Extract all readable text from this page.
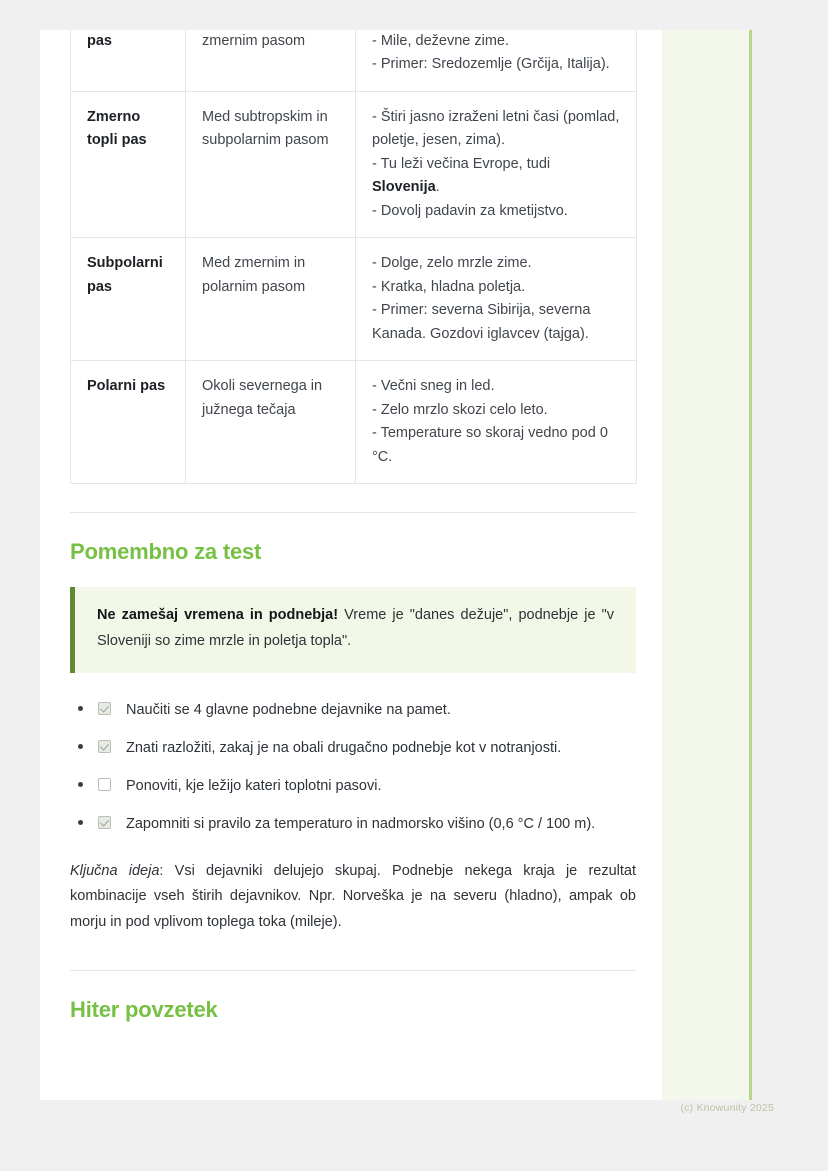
pas	zmernim pasom	- Mile, deževne zime.
- Primer: Sredozemlje (Grčija, Italija).

Zmerno topli pas	Med subtropskim in subpolarnim pasom	- Štiri jasno izraženi letni časi (pomlad, poletje, jesen, zima).
- Tu leži večina Evrope, tudi Slovenija.
- Dovolj padavin za kmetijstvo.

Subpolarni pas	Med zmernim in polarnim pasom	- Dolge, zelo mrzle zime.
- Kratka, hladna poletja.
- Primer: severna Sibirija, severna Kanada. Gozdovi iglavcev (tajga).

Polarni pas	Okoli severnega in južnega tečaja	- Večni sneg in led.
- Zelo mrzlo skozi celo leto.
- Temperature so skoraj vedno pod 0 °C.
Pomembno za test

Ne zamešaj vremena in podnebja! Vreme je "danes dežuje", podnebje je "v Sloveniji so zime mrzle in poletja topla".

Naučiti se 4 glavne podnebne dejavnike na pamet.
Znati razložiti, zakaj je na obali drugačno podnebje kot v notranjosti.
Ponoviti, kje ležijo kateri toplotni pasovi.
Zapomniti si pravilo za temperaturo in nadmorsko višino (0,6 °C / 100 m).

Ključna ideja: Vsi dejavniki delujejo skupaj. Podnebje nekega kraja je rezultat kombinacije vseh štirih dejavnikov. Npr. Norveška je na severu (hladno), ampak ob morju in pod vplivom toplega toka (mileje).

Hiter povzetek
(c) Knowunity 2025
